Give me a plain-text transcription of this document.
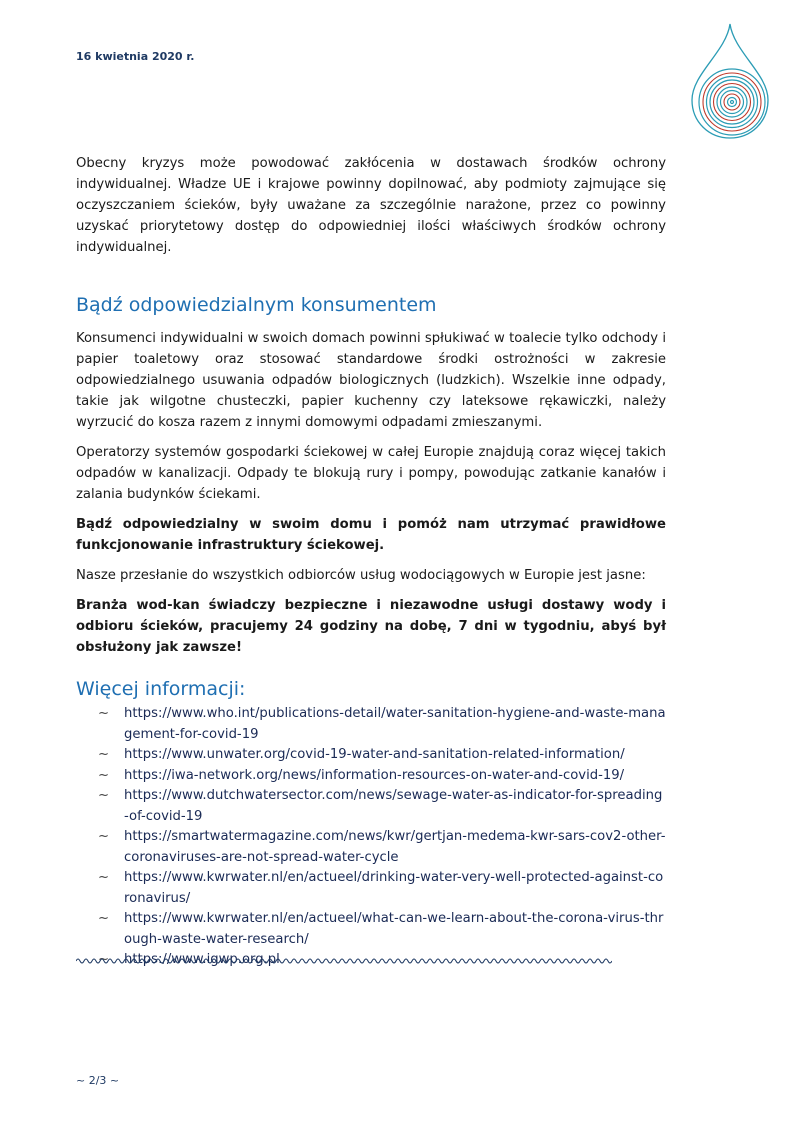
16 kwietnia 2020 r.

Obecny kryzys może powodować zakłócenia w dostawach środków ochrony indywidualnej. Władze UE i krajowe powinny dopilnować, aby podmioty zajmujące się oczyszczaniem ścieków, były uważane za szczególnie narażone, przez co powinny uzyskać priorytetowy dostęp do odpowiedniej ilości właściwych środków ochrony indywidualnej.

Bądź odpowiedzialnym konsumentem

Konsumenci indywidualni w swoich domach powinni spłukiwać w toalecie tylko odchody i papier toaletowy oraz stosować standardowe środki ostrożności w zakresie odpowiedzialnego usuwania odpadów biologicznych (ludzkich). Wszelkie inne odpady, takie jak wilgotne chusteczki, papier kuchenny czy lateksowe rękawiczki, należy wyrzucić do kosza razem z innymi domowymi odpadami zmieszanymi.

Operatorzy systemów gospodarki ściekowej w całej Europie znajdują coraz więcej takich odpadów w kanalizacji. Odpady te blokują rury i pompy, powodując zatkanie kanałów i zalania budynków ściekami.

Bądź odpowiedzialny w swoim domu i pomóż nam utrzymać prawidłowe funkcjonowanie infrastruktury ściekowej.

Nasze przesłanie do wszystkich odbiorców usług wodociągowych w Europie jest jasne:

Branża wod-kan świadczy bezpieczne i niezawodne usługi dostawy wody i odbioru ścieków, pracujemy 24 godziny na dobę, 7 dni w tygodniu, abyś był obsłużony jak zawsze!

Więcej informacji:
~ https://www.who.int/publications-detail/water-sanitation-hygiene-and-waste-management-for-covid-19
~ https://www.unwater.org/covid-19-water-and-sanitation-related-information/
~ https://iwa-network.org/news/information-resources-on-water-and-covid-19/
~ https://www.dutchwatersector.com/news/sewage-water-as-indicator-for-spreading-of-covid-19
~ https://smartwatermagazine.com/news/kwr/gertjan-medema-kwr-sars-cov2-other-coronaviruses-are-not-spread-water-cycle
~ https://www.kwrwater.nl/en/actueel/drinking-water-very-well-protected-against-coronavirus/
~ https://www.kwrwater.nl/en/actueel/what-can-we-learn-about-the-corona-virus-through-waste-water-research/
~ https://www.igwp.org.pl
~ 2/3 ~
